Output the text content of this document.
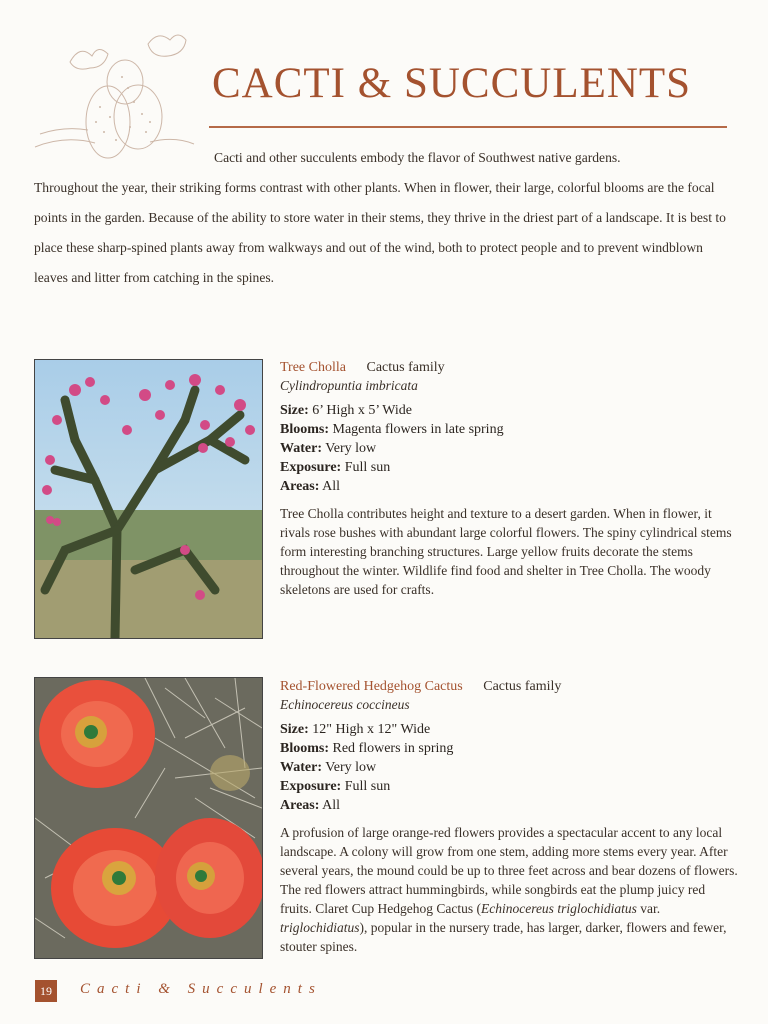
CACTI & SUCCULENTS
Cacti and other succulents embody the flavor of Southwest native gardens.
Throughout the year, their striking forms contrast with other plants. When in flower, their large, colorful blooms are the focal points in the garden. Because of the ability to store water in their stems, they thrive in the driest part of a landscape. It is best to place these sharp-spined plants away from walkways and out of the wind, both to protect people and to prevent windblown leaves and litter from catching in the spines.
Tree Cholla Cactus family
Cylindropuntia imbricata
Size: 6’ High x 5’ Wide
Blooms: Magenta flowers in late spring
Water: Very low
Exposure: Full sun
Areas: All
Tree Cholla contributes height and texture to a desert garden. When in flower, it rivals rose bushes with abundant large colorful flowers. The spiny cylindrical stems form interesting branching structures. Large yellow fruits decorate the stems throughout the winter. Wildlife find food and shelter in Tree Cholla. The woody skeletons are used for crafts.
Red-Flowered Hedgehog Cactus Cactus family
Echinocereus coccineus
Size: 12" High x 12" Wide
Blooms: Red flowers in spring
Water: Very low
Exposure: Full sun
Areas: All
A profusion of large orange-red flowers provides a spectacular accent to any local landscape. A colony will grow from one stem, adding more stems every year. After several years, the mound could be up to three feet across and bear dozens of flowers. The red flowers attract hummingbirds, while songbirds eat the plump juicy red fruits. Claret Cup Hedgehog Cactus (Echinocereus triglochidiatus var. triglochidiatus), popular in the nursery trade, has larger, darker, flowers and fewer, stouter spines.
19	Cacti & Succulents
